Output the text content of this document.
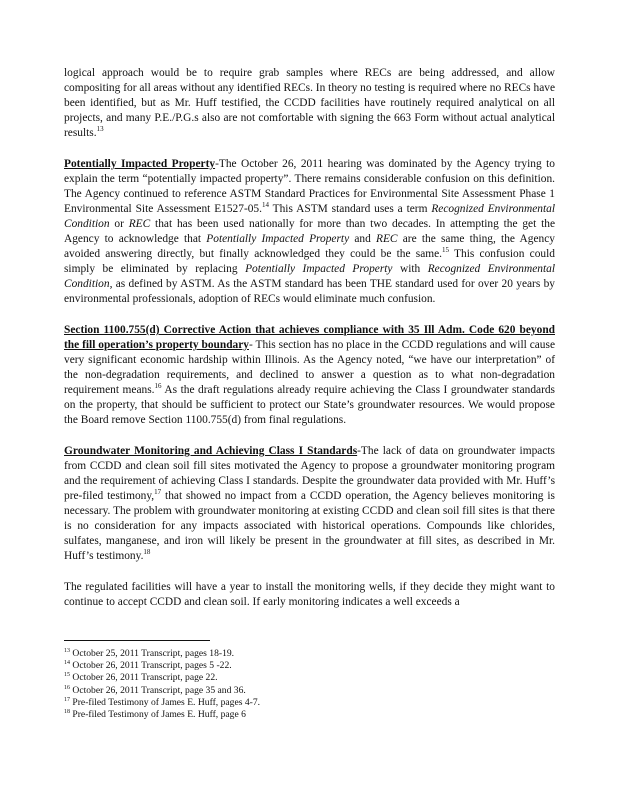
logical approach would be to require grab samples where RECs are being addressed, and allow compositing for all areas without any identified RECs. In theory no testing is required where no RECs have been identified, but as Mr. Huff testified, the CCDD facilities have routinely required analytical on all projects, and many P.E./P.G.s also are not comfortable with signing the 663 Form without actual analytical results.$^{13}$

Potentially Impacted Property-The October 26, 2011 hearing was dominated by the Agency trying to explain the term “potentially impacted property”. There remains considerable confusion on this definition. The Agency continued to reference ASTM Standard Practices for Environmental Site Assessment Phase 1 Environmental Site Assessment E1527-05.14 This ASTM standard uses a term Recognized Environmental Condition or REC that has been used nationally for more than two decades. In attempting the get the Agency to acknowledge that Potentially Impacted Property and REC are the same thing, the Agency avoided answering directly, but finally acknowledged they could be the same.$^{15}$ This confusion could simply be eliminated by replacing Potentially Impacted Property with Recognized Environmental Condition, as defined by ASTM. As the ASTM standard has been THE standard used for over 20 years by environmental professionals, adoption of RECs would eliminate much confusion.

Section 1100.755(d) Corrective Action that achieves compliance with 35 Ill Adm. Code 620 beyond the fill operation’s property boundary- This section has no place in the CCDD regulations and will cause very significant economic hardship within Illinois. As the Agency noted, “we have our interpretation” of the non-degradation requirements, and declined to answer a question as to what non-degradation requirement means.$^{16}$ As the draft regulations already require achieving the Class I groundwater standards on the property, that should be sufficient to protect our State’s groundwater resources. We would propose the Board remove Section 1100.755(d) from final regulations.

Groundwater Monitoring and Achieving Class I Standards-The lack of data on groundwater impacts from CCDD and clean soil fill sites motivated the Agency to propose a groundwater monitoring program and the requirement of achieving Class I standards. Despite the groundwater data provided with Mr. Huff’s pre-filed testimony,$^{17}$ that showed no impact from a CCDD operation, the Agency believes monitoring is necessary. The problem with groundwater monitoring at existing CCDD and clean soil fill sites is that there is no consideration for any impacts associated with historical operations. Compounds like chlorides, sulfates, manganese, and iron will likely be present in the groundwater at fill sites, as described in Mr. Huff’s testimony.$^{18}$

The regulated facilities will have a year to install the monitoring wells, if they decide they might want to continue to accept CCDD and clean soil. If early monitoring indicates a well exceeds a

$^{13}$ October 25, 2011 Transcript, pages 18-19.
$^{14}$ October 26, 2011 Transcript, pages 5 -22.
$^{15}$ October 26, 2011 Transcript, page 22.
$^{16}$ October 26, 2011 Transcript, page 35 and 36.
$^{17}$ Pre-filed Testimony of James E. Huff, pages 4-7.
$^{18}$ Pre-filed Testimony of James E. Huff, page 6
